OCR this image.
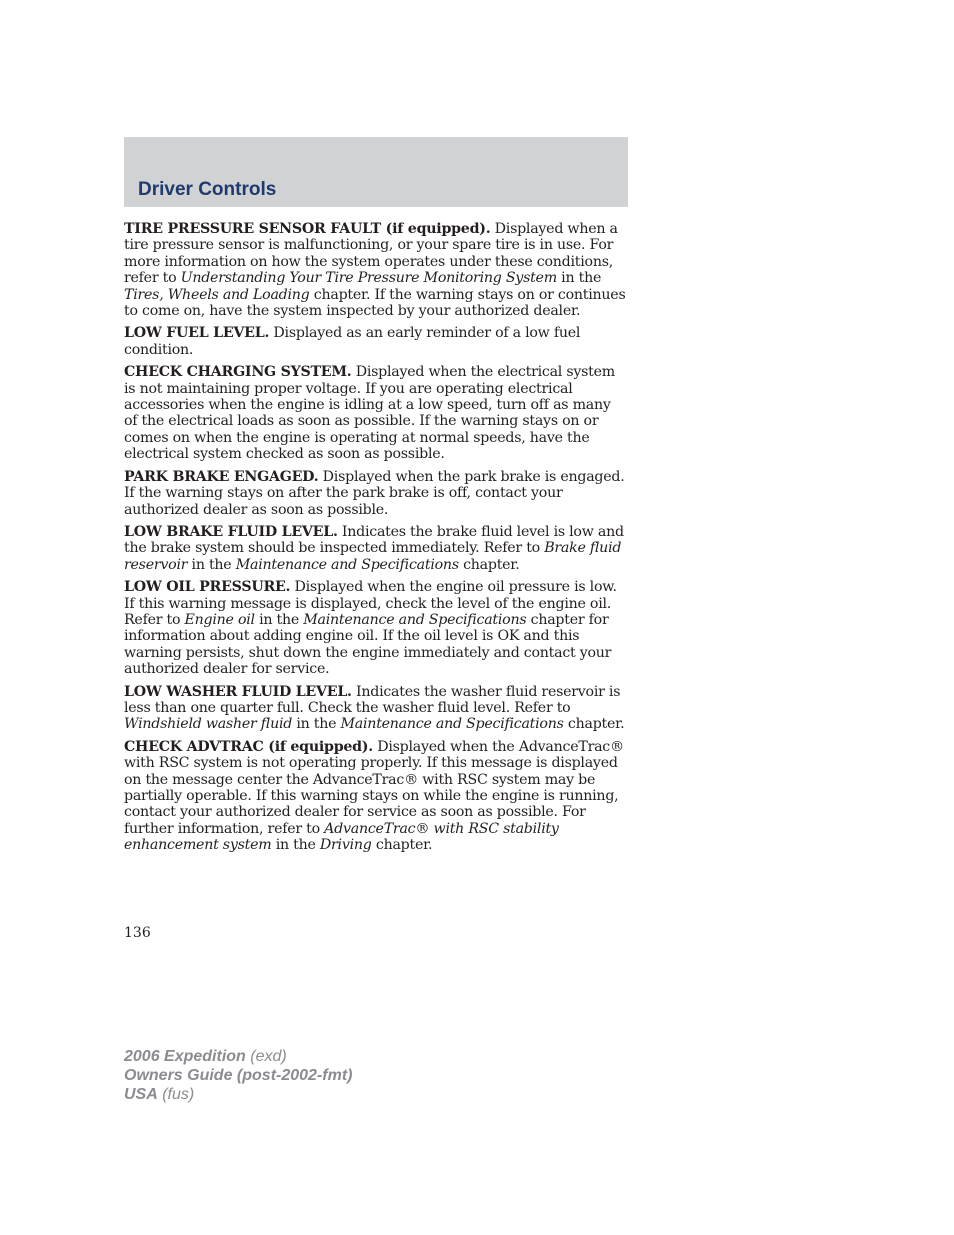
Driver Controls

TIRE PRESSURE SENSOR FAULT (if equipped). Displayed when a tire pressure sensor is malfunctioning, or your spare tire is in use. For more information on how the system operates under these conditions, refer to Understanding Your Tire Pressure Monitoring System in the Tires, Wheels and Loading chapter. If the warning stays on or continues to come on, have the system inspected by your authorized dealer.

LOW FUEL LEVEL. Displayed as an early reminder of a low fuel condition.

CHECK CHARGING SYSTEM. Displayed when the electrical system is not maintaining proper voltage. If you are operating electrical accessories when the engine is idling at a low speed, turn off as many of the electrical loads as soon as possible. If the warning stays on or comes on when the engine is operating at normal speeds, have the electrical system checked as soon as possible.

PARK BRAKE ENGAGED. Displayed when the park brake is engaged. If the warning stays on after the park brake is off, contact your authorized dealer as soon as possible.

LOW BRAKE FLUID LEVEL. Indicates the brake fluid level is low and the brake system should be inspected immediately. Refer to Brake fluid reservoir in the Maintenance and Specifications chapter.

LOW OIL PRESSURE. Displayed when the engine oil pressure is low. If this warning message is displayed, check the level of the engine oil. Refer to Engine oil in the Maintenance and Specifications chapter for information about adding engine oil. If the oil level is OK and this warning persists, shut down the engine immediately and contact your authorized dealer for service.

LOW WASHER FLUID LEVEL. Indicates the washer fluid reservoir is less than one quarter full. Check the washer fluid level. Refer to Windshield washer fluid in the Maintenance and Specifications chapter.

CHECK ADVTRAC (if equipped). Displayed when the AdvanceTrac® with RSC system is not operating properly. If this message is displayed on the message center the AdvanceTrac® with RSC system may be partially operable. If this warning stays on while the engine is running, contact your authorized dealer for service as soon as possible. For further information, refer to AdvanceTrac® with RSC stability enhancement system in the Driving chapter.

136
2006 Expedition (exd)
Owners Guide (post-2002-fmt)
USA (fus)
